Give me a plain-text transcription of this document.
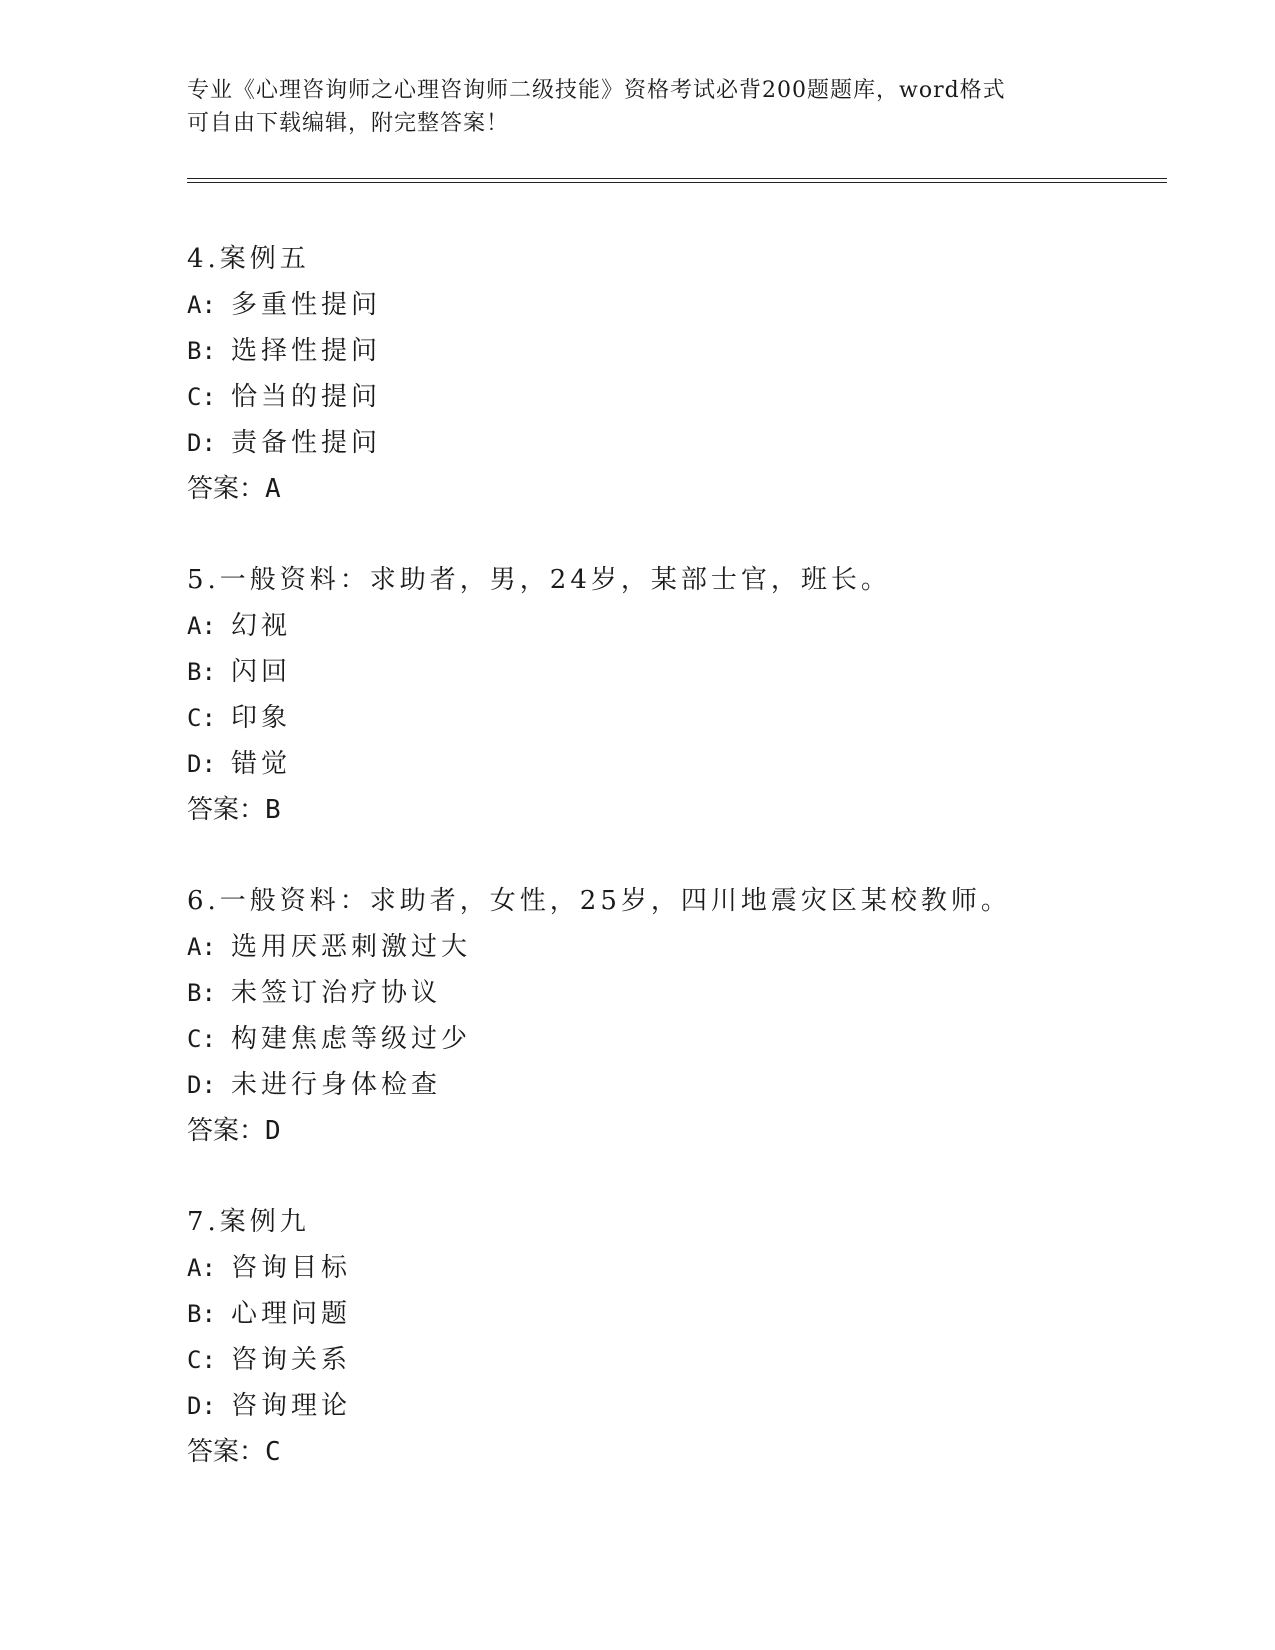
专业《心理咨询师之心理咨询师二级技能》资格考试必背200题题库，word格式
可自由下载编辑，附完整答案！
4.案例五
A: 多重性提问
B: 选择性提问
C: 恰当的提问
D: 责备性提问
答案：A
5.一般资料：求助者，男，24岁，某部士官，班长。
A: 幻视
B: 闪回
C: 印象
D: 错觉
答案：B
6.一般资料：求助者，女性，25岁，四川地震灾区某校教师。
A: 选用厌恶刺激过大
B: 未签订治疗协议
C: 构建焦虑等级过少
D: 未进行身体检查
答案：D
7.案例九
A: 咨询目标
B: 心理问题
C: 咨询关系
D: 咨询理论
答案：C
